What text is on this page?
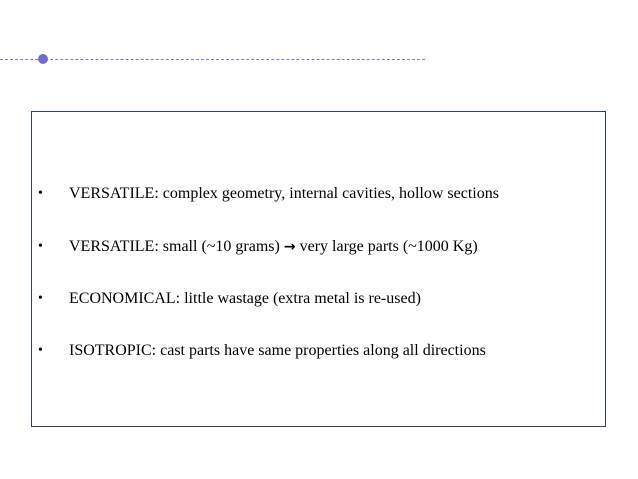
• VERSATILE: complex geometry, internal cavities, hollow sections
• VERSATILE: small (~10 grams) → very large parts (~1000 Kg)
• ECONOMICAL: little wastage (extra metal is re-used)
• ISOTROPIC: cast parts have same properties along all directions
